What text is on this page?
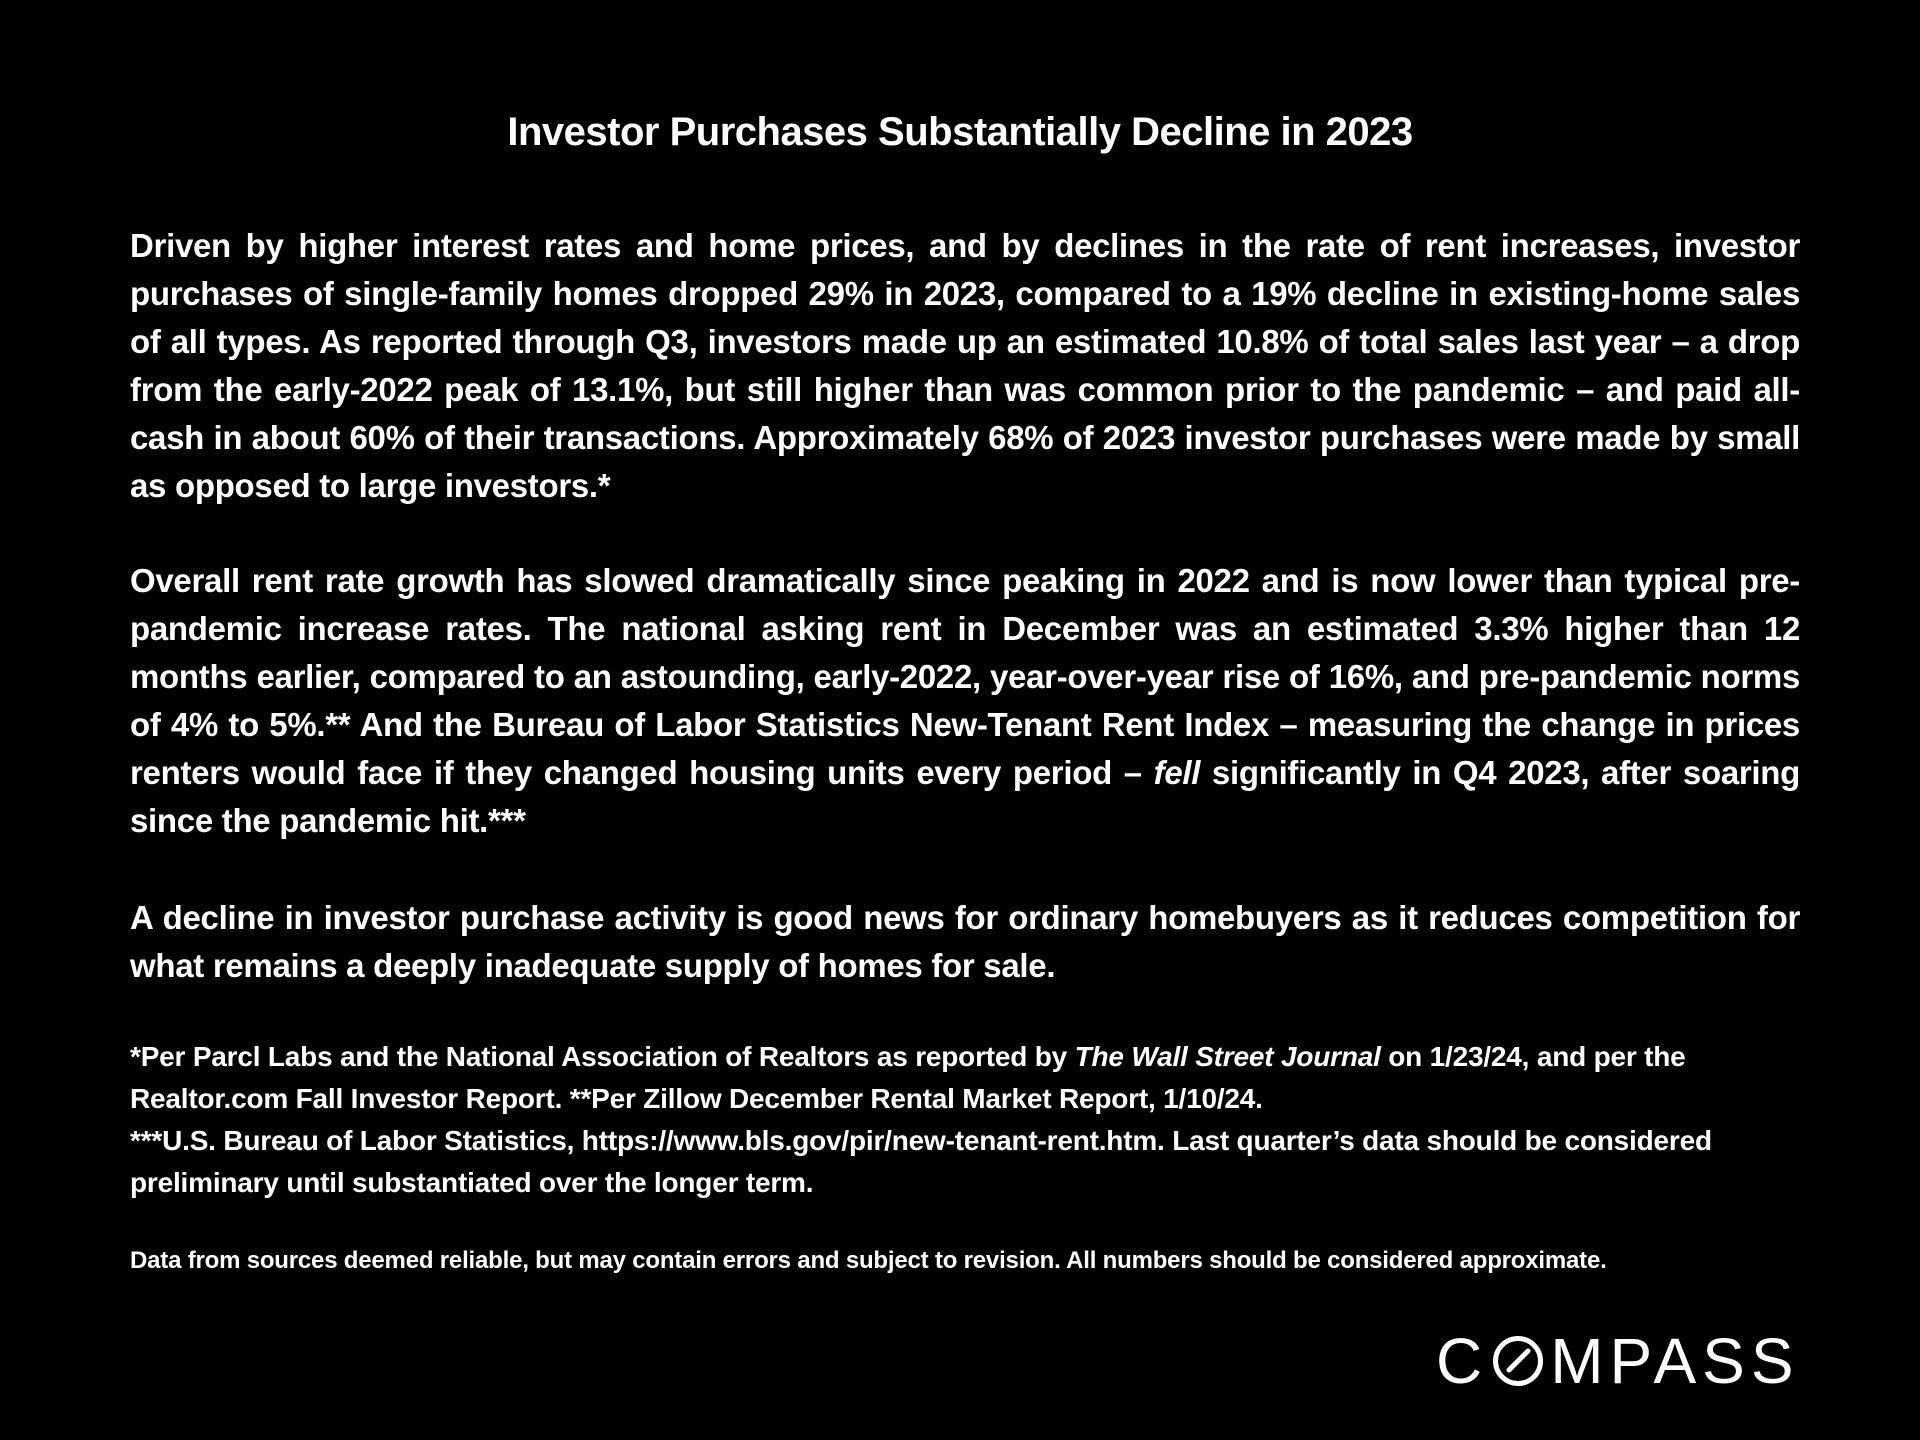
Investor Purchases Substantially Decline in 2023
Driven by higher interest rates and home prices, and by declines in the rate of rent increases, investor purchases of single-family homes dropped 29% in 2023, compared to a 19% decline in existing-home sales of all types. As reported through Q3, investors made up an estimated 10.8% of total sales last year – a drop from the early-2022 peak of 13.1%, but still higher than was common prior to the pandemic – and paid all-cash in about 60% of their transactions. Approximately 68% of 2023 investor purchases were made by small as opposed to large investors.*
Overall rent rate growth has slowed dramatically since peaking in 2022 and is now lower than typical pre-pandemic increase rates. The national asking rent in December was an estimated 3.3% higher than 12 months earlier, compared to an astounding, early-2022, year-over-year rise of 16%, and pre-pandemic norms of 4% to 5%.** And the Bureau of Labor Statistics New-Tenant Rent Index – measuring the change in prices renters would face if they changed housing units every period – fell significantly in Q4 2023, after soaring since the pandemic hit.***
A decline in investor purchase activity is good news for ordinary homebuyers as it reduces competition for what remains a deeply inadequate supply of homes for sale.
*Per Parcl Labs and the National Association of Realtors as reported by The Wall Street Journal on 1/23/24, and per the Realtor.com Fall Investor Report. **Per Zillow December Rental Market Report, 1/10/24.
***U.S. Bureau of Labor Statistics, https://www.bls.gov/pir/new-tenant-rent.htm. Last quarter’s data should be considered preliminary until substantiated over the longer term.
Data from sources deemed reliable, but may contain errors and subject to revision. All numbers should be considered approximate.
C MPASS
